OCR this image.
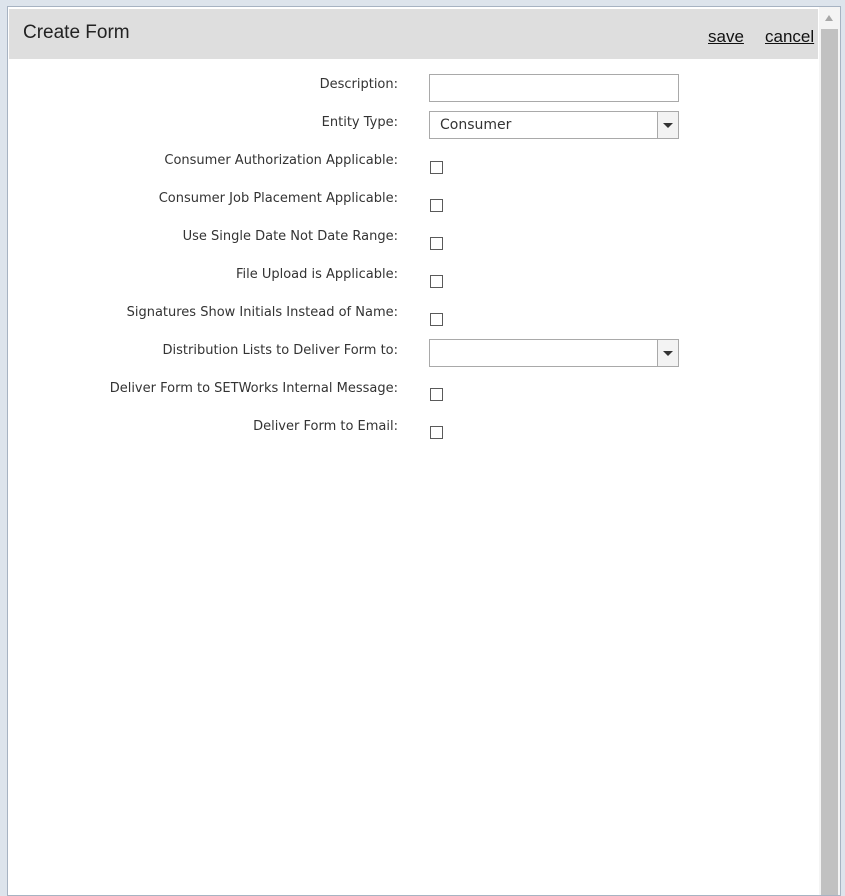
Create Form	save cancel
Description:
Entity Type:	Consumer
Consumer Authorization Applicable:
Consumer Job Placement Applicable:
Use Single Date Not Date Range:
File Upload is Applicable:
Signatures Show Initials Instead of Name:
Distribution Lists to Deliver Form to:
Deliver Form to SETWorks Internal Message:
Deliver Form to Email:
